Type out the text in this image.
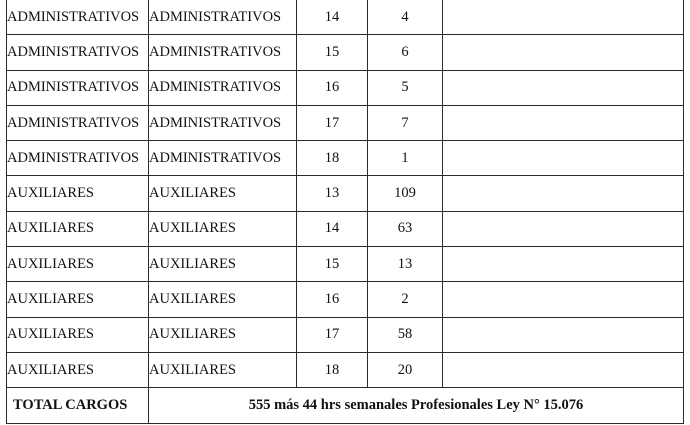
ADMINISTRATIVOS	ADMINISTRATIVOS	14	4	
ADMINISTRATIVOS	ADMINISTRATIVOS	15	6	
ADMINISTRATIVOS	ADMINISTRATIVOS	16	5	
ADMINISTRATIVOS	ADMINISTRATIVOS	17	7	
ADMINISTRATIVOS	ADMINISTRATIVOS	18	1	
AUXILIARES	AUXILIARES	13	109	
AUXILIARES	AUXILIARES	14	63	
AUXILIARES	AUXILIARES	15	13	
AUXILIARES	AUXILIARES	16	2	
AUXILIARES	AUXILIARES	17	58	
AUXILIARES	AUXILIARES	18	20	
TOTAL CARGOS	555 más 44 hrs semanales Profesionales Ley N° 15.076			
